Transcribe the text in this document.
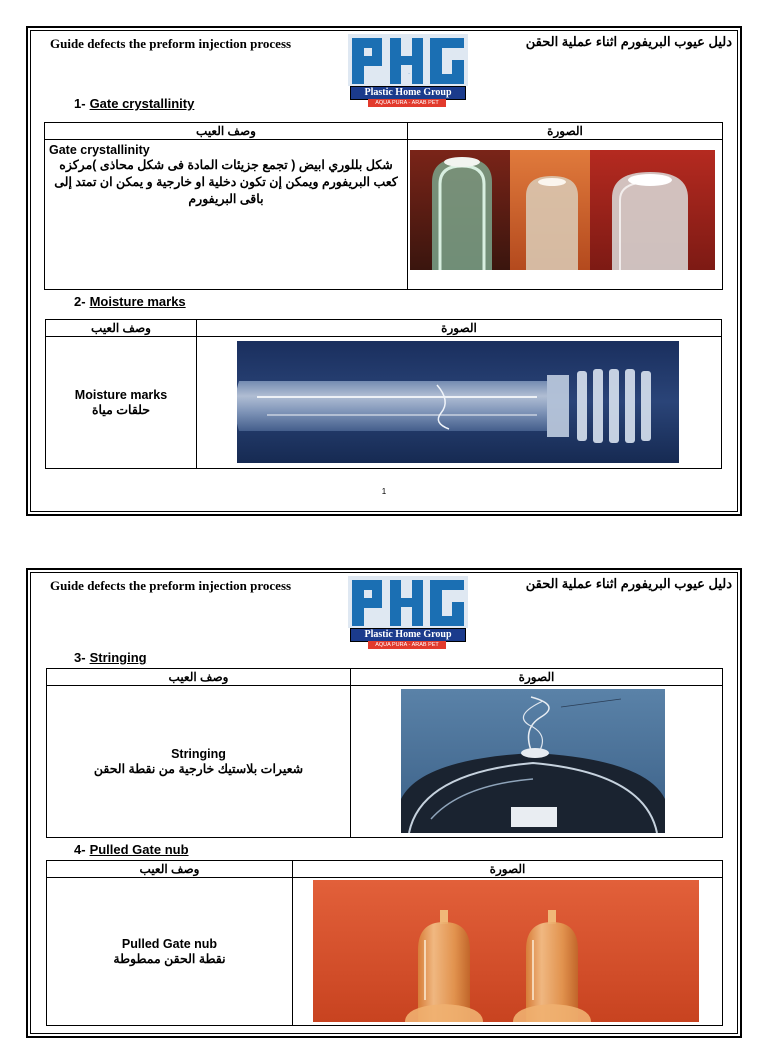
Guide defects the preform injection process
PHG
Plastic Home Group
AQUA PURA - ARAB PET
دليل عيوب البريفورم اثناء عملية الحقن
1- Gate crystallinity
وصف العيب	الصورة

Gate crystallinity
شكل بللوري ابيض ( تجمع جزيئات المادة فى شكل محاذى )مركزه كعب البريفورم ويمكن إن تكون دخلية او خارجية و يمكن ان تمتد إلى باقى البريفورم

2- Moisture marks
وصف العيب	الصورة

Moisture marks
حلقات مياة

1
Guide defects the preform injection process
Plastic Home Group
AQUA PURA - ARAB PET
دليل عيوب البريفورم اثناء عملية الحقن
3- Stringing
وصف العيب	الصورة

Stringing
شعيرات بلاستيك خارجية من نقطة الحقن

4- Pulled Gate nub
وصف العيب	الصورة

Pulled Gate nub
نقطة الحقن ممطوطة
